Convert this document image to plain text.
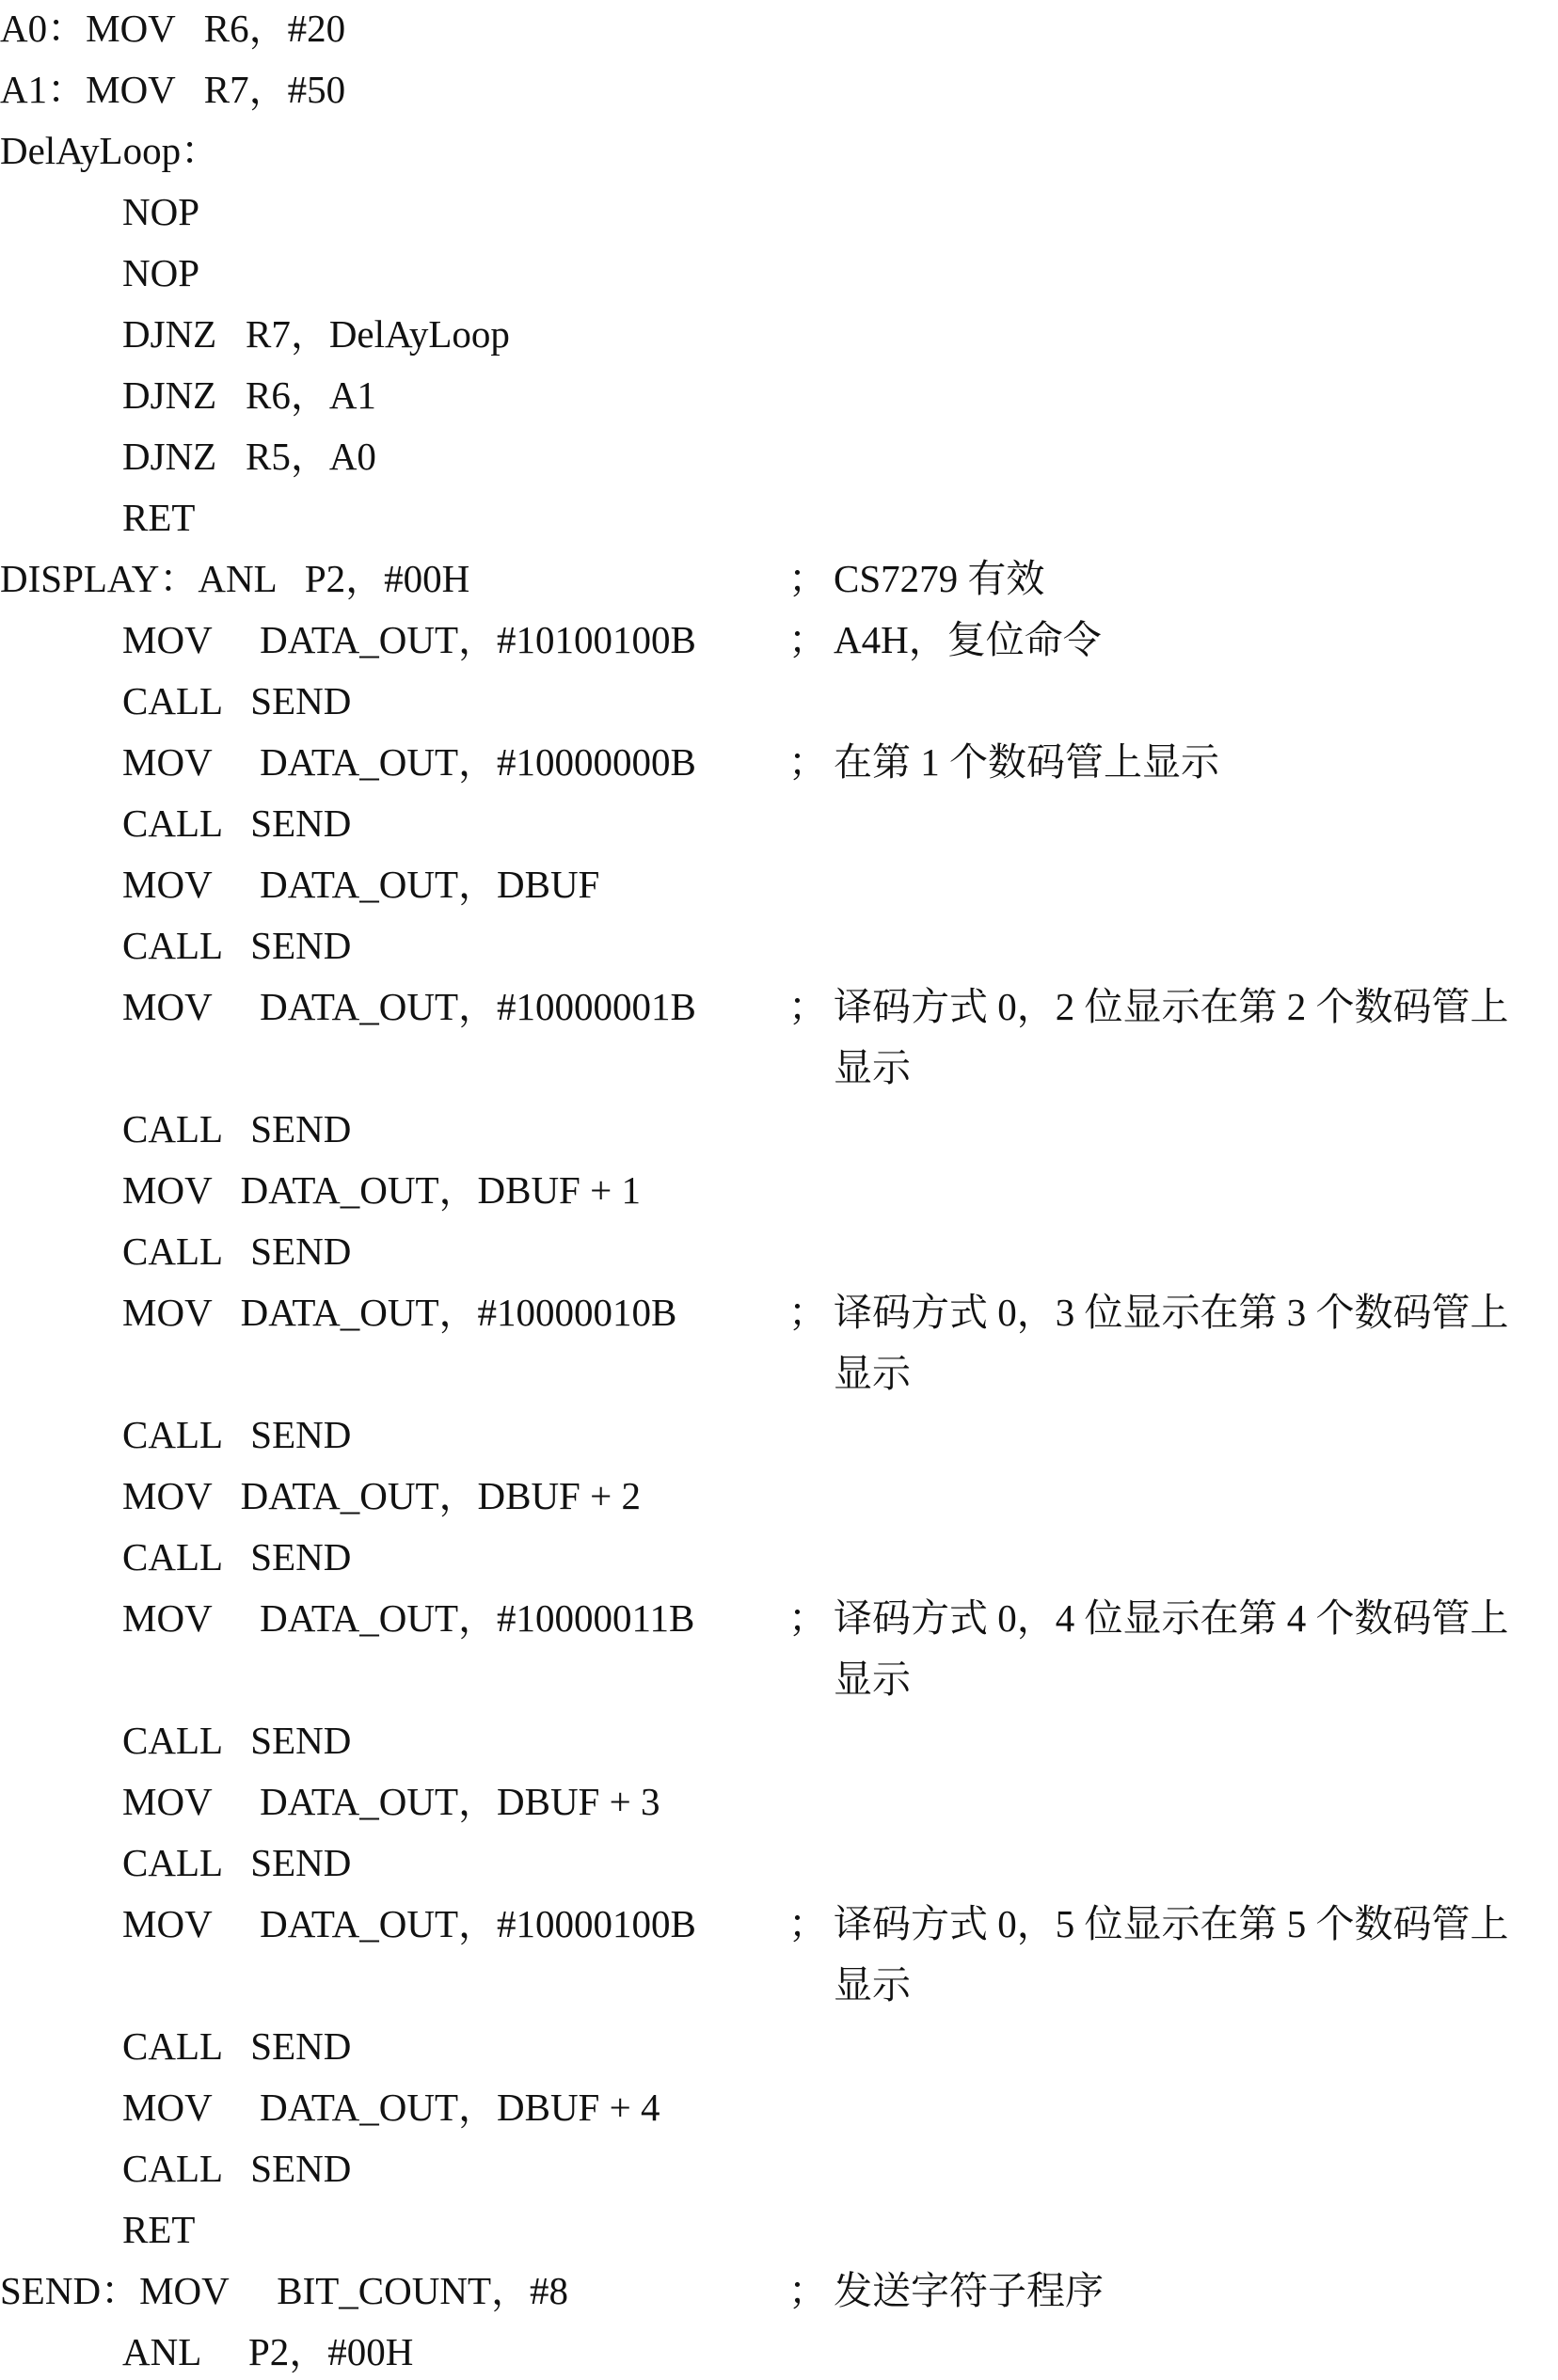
A0：MOV   R6，#20
A1：MOV   R7，#50
DelAyLoop：
NOP
NOP
DJNZ   R7，DelAyLoop
DJNZ   R6，A1
DJNZ   R5，A0
RET
DISPLAY：ANL   P2，#00H	； CS7279 有效
MOV     DATA_OUT，#10100100B ； A4H，复位命令
CALL   SEND
MOV     DATA_OUT，#10000000B ； 在第 1 个数码管上显示
CALL   SEND
MOV     DATA_OUT，DBUF
CALL   SEND
MOV     DATA_OUT，#10000001B ； 译码方式 0，2 位显示在第 2 个数码管上
显示
CALL   SEND
MOV   DATA_OUT，DBUF + 1
CALL   SEND
MOV   DATA_OUT，#10000010B	； 译码方式 0，3 位显示在第 3 个数码管上
显示
CALL   SEND
MOV   DATA_OUT，DBUF + 2
CALL   SEND
MOV     DATA_OUT，#10000011B ； 译码方式 0，4 位显示在第 4 个数码管上
显示
CALL   SEND
MOV     DATA_OUT，DBUF + 3
CALL   SEND
MOV     DATA_OUT，#10000100B ； 译码方式 0，5 位显示在第 5 个数码管上
显示
CALL   SEND
MOV     DATA_OUT，DBUF + 4
CALL   SEND
RET
SEND：MOV     BIT_COUNT，#8	； 发送字符子程序
ANL     P2，#00H
